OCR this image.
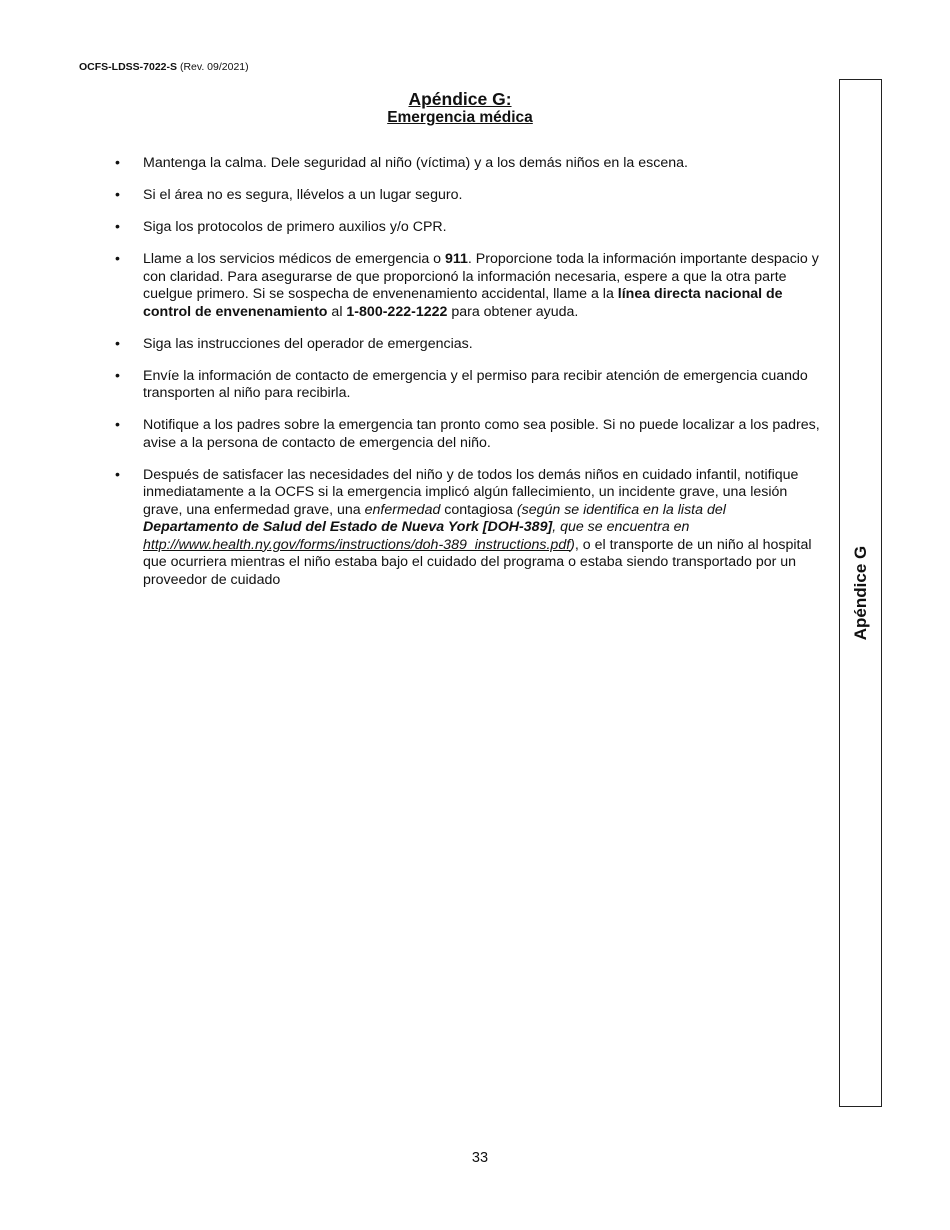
OCFS-LDSS-7022-S (Rev. 09/2021)
Apéndice G:
Emergencia médica
• Mantenga la calma. Dele seguridad al niño (víctima) y a los demás niños en la escena.
• Si el área no es segura, llévelos a un lugar seguro.
• Siga los protocolos de primero auxilios y/o CPR.
• Llame a los servicios médicos de emergencia o 911. Proporcione toda la información importante despacio y con claridad. Para asegurarse de que proporcionó la información necesaria, espere a que la otra parte cuelgue primero. Si se sospecha de envenenamiento accidental, llame a la línea directa nacional de control de envenenamiento al 1-800-222-1222 para obtener ayuda.
• Siga las instrucciones del operador de emergencias.
• Envíe la información de contacto de emergencia y el permiso para recibir atención de emergencia cuando transporten al niño para recibirla.
• Notifique a los padres sobre la emergencia tan pronto como sea posible. Si no puede localizar a los padres, avise a la persona de contacto de emergencia del niño.
• Después de satisfacer las necesidades del niño y de todos los demás niños en cuidado infantil, notifique inmediatamente a la OCFS si la emergencia implicó algún fallecimiento, un incidente grave, una lesión grave, una enfermedad grave, una enfermedad contagiosa (según se identifica en la lista del Departamento de Salud del Estado de Nueva York [DOH-389], que se encuentra en http://www.health.ny.gov/forms/instructions/doh-389_instructions.pdf), o el transporte de un niño al hospital que ocurriera mientras el niño estaba bajo el cuidado del programa o estaba siendo transportado por un proveedor de cuidado	Apéndice G
33
